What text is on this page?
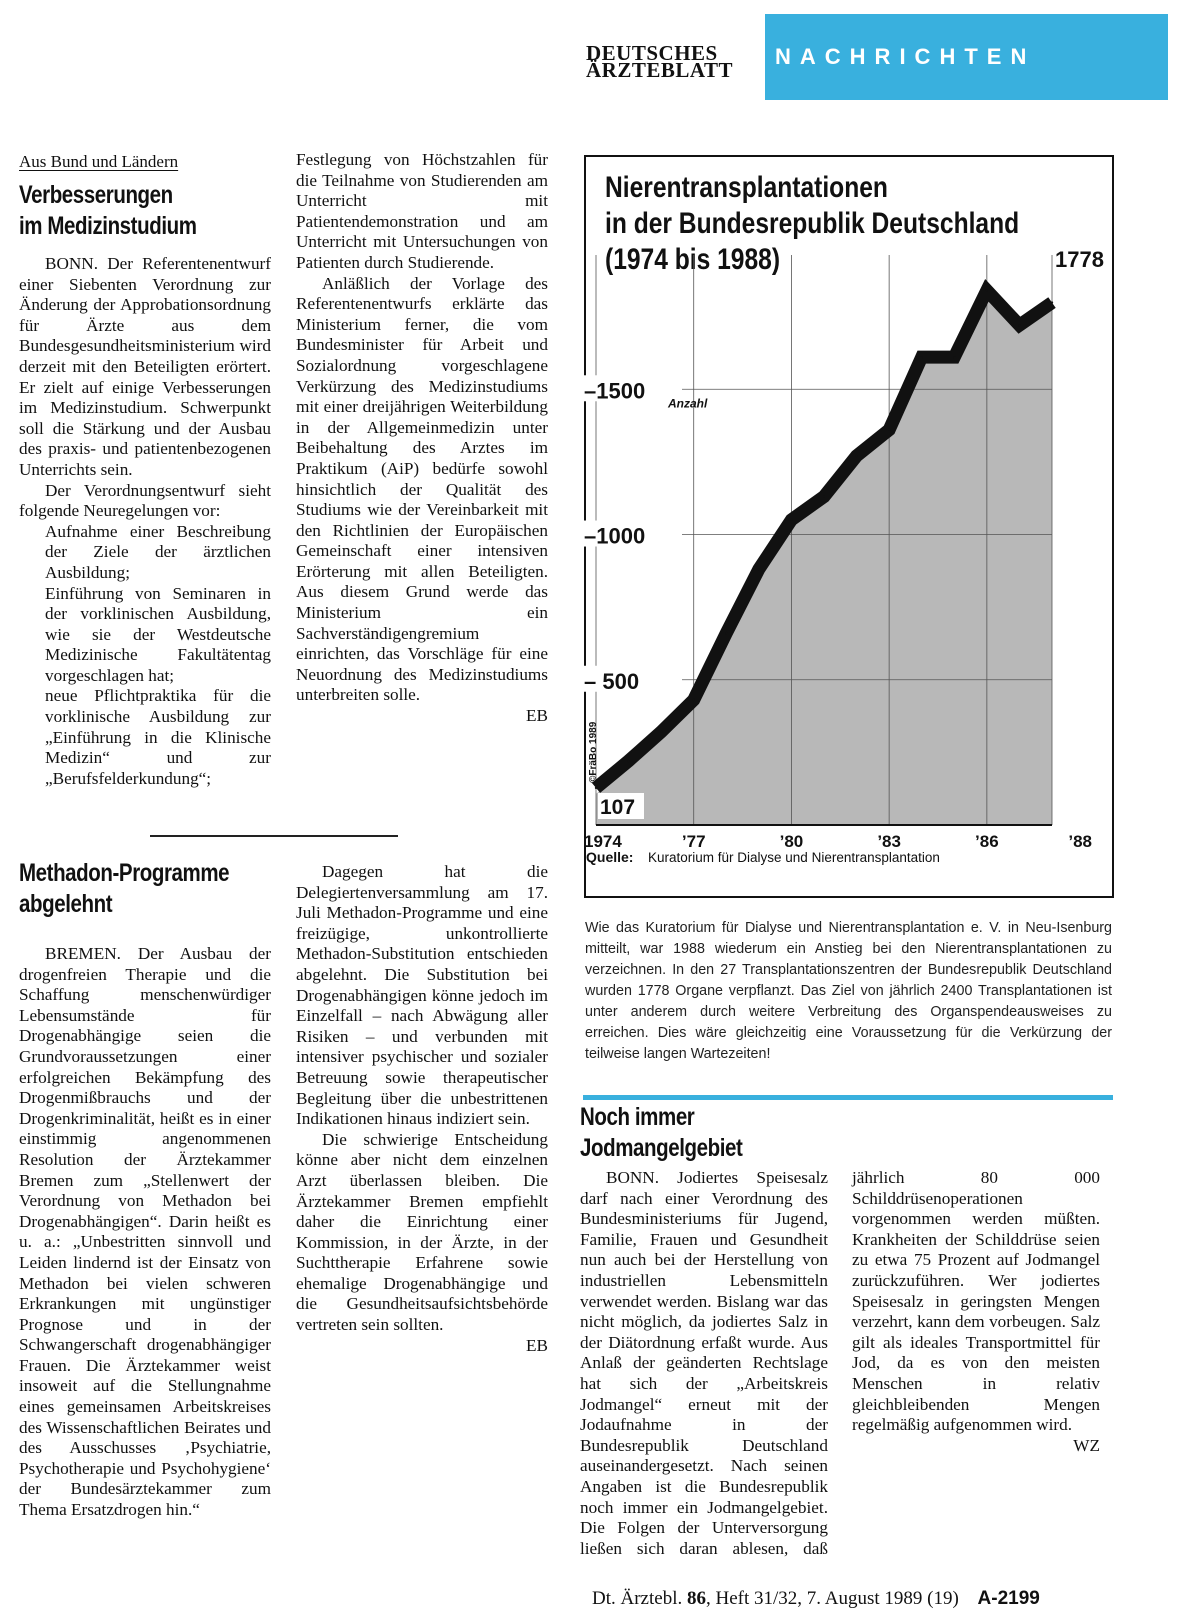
DEUTSCHES
ÄRZTEBLATT
NACHRICHTEN
Aus Bund und Ländern
Verbesserungen
im Medizinstudium

BONN. Der Referentenentwurf einer Siebenten Verordnung zur Änderung der Approbationsordnung für Ärzte aus dem Bundesgesundheitsministerium wird derzeit mit den Beteiligten erörtert. Er zielt auf einige Verbesserungen im Medizinstudium. Schwerpunkt soll die Stärkung und der Ausbau des praxis- und patientenbezogenen Unterrichts sein.

Der Verordnungsentwurf sieht folgende Neuregelungen vor:

Aufnahme einer Beschreibung der Ziele der ärztlichen Ausbildung;

Einführung von Seminaren in der vorklinischen Ausbildung, wie sie der Westdeutsche Medizinische Fakultätentag vorgeschlagen hat;

neue Pflichtpraktika für die vorklinische Ausbildung zur „Einführung in die Klinische Medizin“ und zur „Berufsfelderkundung“;

Festlegung von Höchstzahlen für die Teilnahme von Studierenden am Unterricht mit Patientendemonstration und am Unterricht mit Untersuchungen von Patienten durch Studierende.

Anläßlich der Vorlage des Referentenentwurfs erklärte das Ministerium ferner, die vom Bundesminister für Arbeit und Sozialordnung vorgeschlagene Verkürzung des Medizinstudiums mit einer dreijährigen Weiterbildung in der Allgemeinmedizin unter Beibehaltung des Arztes im Praktikum (AiP) bedürfe sowohl hinsichtlich der Qualität des Studiums wie der Vereinbarkeit mit den Richtlinien der Europäischen Gemeinschaft einer intensiven Erörterung mit allen Beteiligten. Aus diesem Grund werde das Ministerium ein Sachverständigengremium einrichten, das Vorschläge für eine Neuordnung des Medizinstudiums unterbreiten solle.

EB

Methadon-Programme
abgelehnt

BREMEN. Der Ausbau der drogenfreien Therapie und die Schaffung menschenwürdiger Lebensumstände für Drogenabhängige seien die Grundvoraussetzungen einer erfolgreichen Bekämpfung des Drogenmißbrauchs und der Drogenkriminalität, heißt es in einer einstimmig angenommenen Resolution der Ärztekammer Bremen zum „Stellenwert der Verordnung von Methadon bei Drogenabhängigen“. Darin heißt es u. a.: „Unbestritten sinnvoll und Leiden lindernd ist der Einsatz von Methadon bei vielen schweren Erkrankungen mit ungünstiger Prognose und in der Schwangerschaft drogenabhängiger Frauen. Die Ärztekammer weist insoweit auf die Stellungnahme eines gemeinsamen Arbeitskreises des Wissenschaftlichen Beirates und des Ausschusses ‚Psychiatrie, Psychotherapie und Psychohygiene‘ der Bundesärztekammer zum Thema Ersatzdrogen hin.“

Dagegen hat die Delegiertenversammlung am 17. Juli Methadon-Programme und eine freizügige, unkontrollierte Methadon-Substitution entschieden abgelehnt. Die Substitution bei Drogenabhängigen könne jedoch im Einzelfall – nach Abwägung aller Risiken – und verbunden mit intensiver psychischer und sozialer Betreuung sowie therapeutischer Begleitung über die unbestrittenen Indikationen hinaus indiziert sein.

Die schwierige Entscheidung könne aber nicht dem einzelnen Arzt überlassen bleiben. Die Ärztekammer Bremen empfiehlt daher die Einrichtung einer Kommission, in der Ärzte, in der Suchttherapie Erfahrene sowie ehemalige Drogenabhängige und die Gesundheitsaufsichtsbehörde vertreten sein sollten.

EB

Nierentransplantationen
in der Bundesrepublik Deutschland
(1974 bis 1988)
– 500
–1000
–1500 Anzahl
1974	’77	’80	’83	’86	’88
107
1778
©FräBo 1989
Quelle: Kuratorium für Dialyse und Nierentransplantation
Wie das Kuratorium für Dialyse und Nierentransplantation e. V. in Neu-Isenburg mitteilt, war 1988 wiederum ein Anstieg bei den Nierentransplantationen zu verzeichnen. In den 27 Transplantationszentren der Bundesrepublik Deutschland wurden 1778 Organe verpflanzt. Das Ziel von jährlich 2400 Transplantationen ist unter anderem durch weitere Verbreitung des Organspendeausweises zu erreichen. Dies wäre gleichzeitig eine Voraussetzung für die Verkürzung der teilweise langen Wartezeiten!
Noch immer
Jodmangelgebiet

BONN. Jodiertes Speisesalz darf nach einer Verordnung des Bundesministeriums für Jugend, Familie, Frauen und Gesundheit nun auch bei der Herstellung von industriellen Lebensmitteln verwendet werden. Bislang war das nicht möglich, da jodiertes Salz in der Diätordnung erfaßt wurde. Aus Anlaß der geänderten Rechtslage hat sich der „Arbeitskreis Jodmangel“ erneut mit der Jodaufnahme in der Bundesrepublik Deutschland auseinandergesetzt. Nach seinen Angaben ist die Bundesrepublik noch immer ein Jodmangelgebiet. Die Folgen der Unterversorgung ließen sich daran ablesen, daß jährlich 80 000 Schilddrüsenoperationen vorgenommen werden müßten. Krankheiten der Schilddrüse seien zu etwa 75 Prozent auf Jodmangel zurückzuführen. Wer jodiertes Speisesalz in geringsten Mengen verzehrt, kann dem vorbeugen. Salz gilt als ideales Transportmittel für Jod, da es von den meisten Menschen in relativ gleichbleibenden Mengen regelmäßig aufgenommen wird.

WZ

Dt. Ärztebl. 86, Heft 31/32, 7. August 1989 (19) A-2199
